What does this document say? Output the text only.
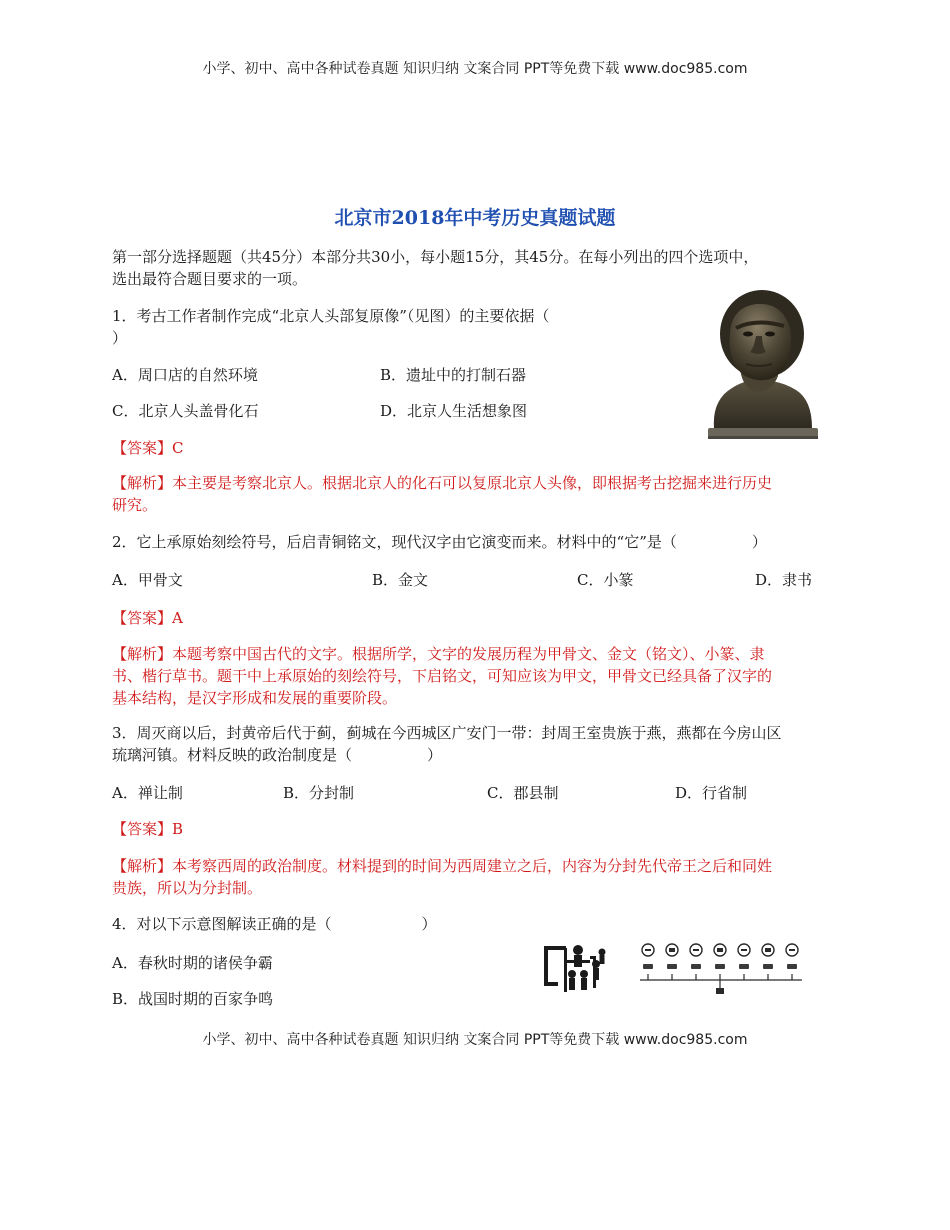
小学、初中、高中各种试卷真题 知识归纳 文案合同 PPT等免费下载 www.doc985.com
北京市2018年中考历史真题试题
第一部分选择题题（共45分）本部分共30小，每小题15分，其45分。在每小列出的四个选项中，
选出最符合题目要求的一项。
1．考古工作者制作完成“北京人头部复原像”（见图）的主要依据（
）
A．周口店的自然环境	B．遗址中的打制石器
C．北京人头盖骨化石	D．北京人生活想象图
【答案】C
【解析】本主要是考察北京人。根据北京人的化石可以复原北京人头像，即根据考古挖掘来进行历史
研究。
2．它上承原始刻绘符号，后启青铜铭文，现代汉字由它演变而来。材料中的“它”是（　　　　　）
A．甲骨文	B．金文	C．小篆	D．隶书
【答案】A
【解析】本题考察中国古代的文字。根据所学，文字的发展历程为甲骨文、金文（铭文）、小篆、隶
书、楷行草书。题干中上承原始的刻绘符号，下启铭文，可知应该为甲文，甲骨文已经具备了汉字的
基本结构，是汉字形成和发展的重要阶段。
3．周灭商以后，封黄帝后代于蓟，蓟城在今西城区广安门一带：封周王室贵族于燕，燕都在今房山区
琉璃河镇。材料反映的政治制度是（　　　　　）
A．禅让制	B．分封制	C．郡县制	D．行省制
【答案】B
【解析】本考察西周的政治制度。材料提到的时间为西周建立之后，内容为分封先代帝王之后和同姓
贵族，所以为分封制。
4．对以下示意图解读正确的是（　　　　　　）
A．春秋时期的诸侯争霸
B．战国时期的百家争鸣
小学、初中、高中各种试卷真题 知识归纳 文案合同 PPT等免费下载 www.doc985.com
